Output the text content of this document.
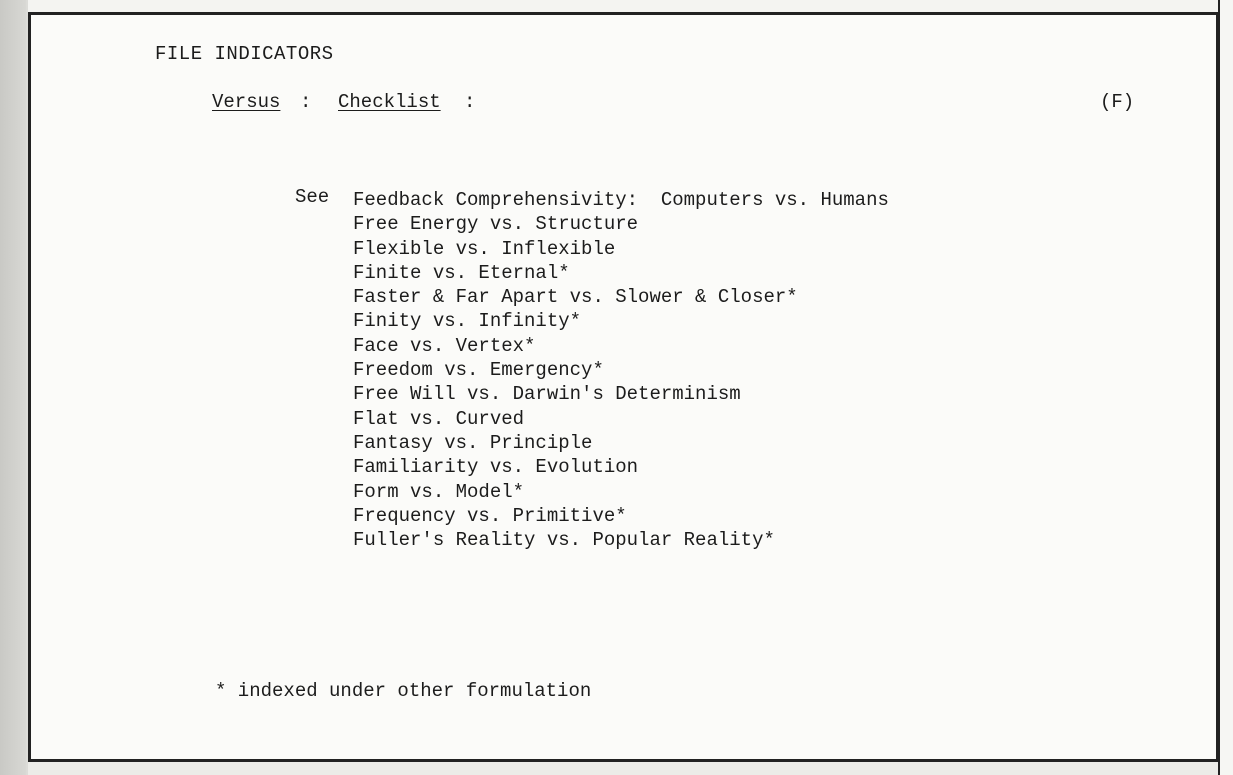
FILE INDICATORS
Versus : Checklist :	(F)
See Feedback Comprehensivity:  Computers vs. Humans
Free Energy vs. Structure
Flexible vs. Inflexible
Finite vs. Eternal*
Faster & Far Apart vs. Slower & Closer*
Finity vs. Infinity*
Face vs. Vertex*
Freedom vs. Emergency*
Free Will vs. Darwin's Determinism
Flat vs. Curved
Fantasy vs. Principle
Familiarity vs. Evolution
Form vs. Model*
Frequency vs. Primitive*
Fuller's Reality vs. Popular Reality*
* indexed under other formulation
